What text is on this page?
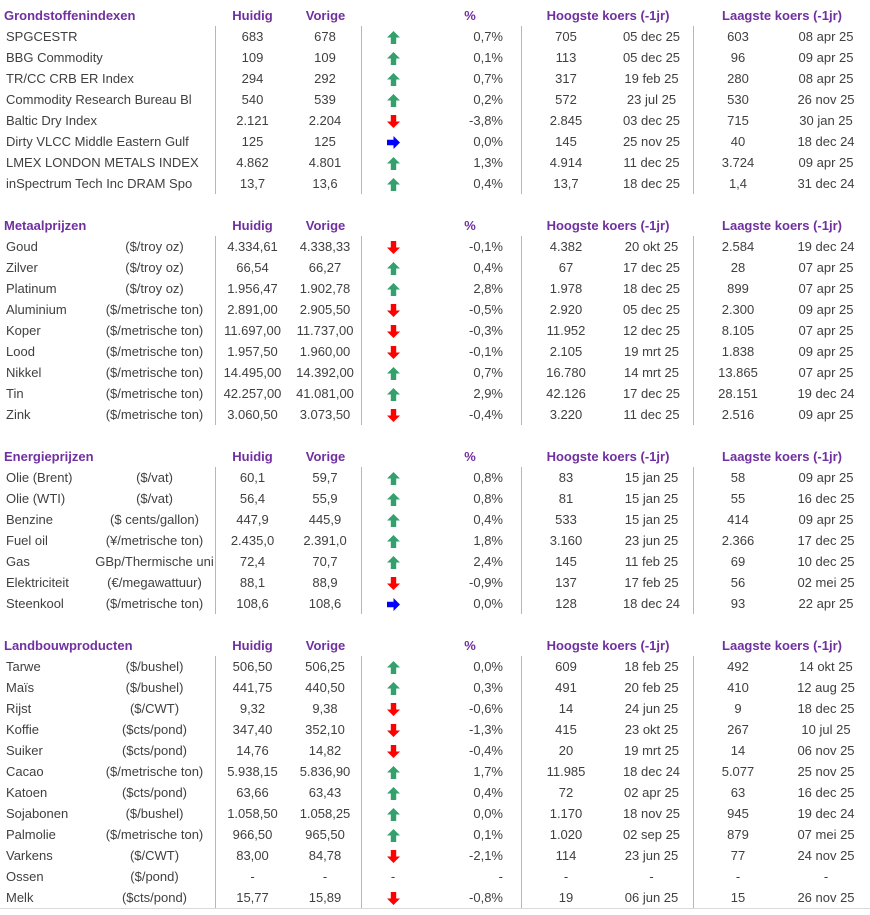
Grondstoffenindexen	Huidig	Vorige	%	Hoogste koers (-1jr)	Laagste koers (-1jr)
SPGCESTR	683	678	0,7%	705	05 dec 25	603	08 apr 25
BBG Commodity	109	109	0,1%	113	05 dec 25	96	09 apr 25
TR/CC CRB ER Index	294	292	0,7%	317	19 feb 25	280	08 apr 25
Commodity Research Bureau Bl	540	539	0,2%	572	23 jul 25	530	26 nov 25
Baltic Dry Index	2.121	2.204	-3,8%	2.845	03 dec 25	715	30 jan 25
Dirty VLCC Middle Eastern Gulf	125	125	0,0%	145	25 nov 25	40	18 dec 24
LMEX LONDON METALS INDEX	4.862	4.801	1,3%	4.914	11 dec 25	3.724	09 apr 25
inSpectrum Tech Inc DRAM Spo	13,7	13,6	0,4%	13,7	18 dec 25	1,4	31 dec 24
Metaalprijzen	Huidig	Vorige	%	Hoogste koers (-1jr)	Laagste koers (-1jr)
Goud	($/troy oz)	4.334,61	4.338,33	-0,1%	4.382	20 okt 25	2.584	19 dec 24
Zilver	($/troy oz)	66,54	66,27	0,4%	67	17 dec 25	28	07 apr 25
Platinum	($/troy oz)	1.956,47	1.902,78	2,8%	1.978	18 dec 25	899	07 apr 25
Aluminium	($/metrische ton)	2.891,00	2.905,50	-0,5%	2.920	05 dec 25	2.300	09 apr 25
Koper	($/metrische ton)	11.697,00	11.737,00	-0,3%	11.952	12 dec 25	8.105	07 apr 25
Lood	($/metrische ton)	1.957,50	1.960,00	-0,1%	2.105	19 mrt 25	1.838	09 apr 25
Nikkel	($/metrische ton)	14.495,00	14.392,00	0,7%	16.780	14 mrt 25	13.865	07 apr 25
Tin	($/metrische ton)	42.257,00	41.081,00	2,9%	42.126	17 dec 25	28.151	19 dec 24
Zink	($/metrische ton)	3.060,50	3.073,50	-0,4%	3.220	11 dec 25	2.516	09 apr 25
Energieprijzen	Huidig	Vorige	%	Hoogste koers (-1jr)	Laagste koers (-1jr)
Olie (Brent)	($/vat)	60,1	59,7	0,8%	83	15 jan 25	58	09 apr 25
Olie (WTI)	($/vat)	56,4	55,9	0,8%	81	15 jan 25	55	16 dec 25
Benzine	($ cents/gallon)	447,9	445,9	0,4%	533	15 jan 25	414	09 apr 25
Fuel oil	(¥/metrische ton)	2.435,0	2.391,0	1,8%	3.160	23 jun 25	2.366	17 dec 25
Gas	GBp/Thermische uni	72,4	70,7	2,4%	145	11 feb 25	69	10 dec 25
Elektriciteit	(€/megawattuur)	88,1	88,9	-0,9%	137	17 feb 25	56	02 mei 25
Steenkool	($/metrische ton)	108,6	108,6	0,0%	128	18 dec 24	93	22 apr 25
Landbouwproducten	Huidig	Vorige	%	Hoogste koers (-1jr)	Laagste koers (-1jr)
Tarwe	($/bushel)	506,50	506,25	0,0%	609	18 feb 25	492	14 okt 25
Maïs	($/bushel)	441,75	440,50	0,3%	491	20 feb 25	410	12 aug 25
Rijst	($/CWT)	9,32	9,38	-0,6%	14	24 jun 25	9	18 dec 25
Koffie	($cts/pond)	347,40	352,10	-1,3%	415	23 okt 25	267	10 jul 25
Suiker	($cts/pond)	14,76	14,82	-0,4%	20	19 mrt 25	14	06 nov 25
Cacao	($/metrische ton)	5.938,15	5.836,90	1,7%	11.985	18 dec 24	5.077	25 nov 25
Katoen	($cts/pond)	63,66	63,43	0,4%	72	02 apr 25	63	16 dec 25
Sojabonen	($/bushel)	1.058,50	1.058,25	0,0%	1.170	18 nov 25	945	19 dec 24
Palmolie	($/metrische ton)	966,50	965,50	0,1%	1.020	02 sep 25	879	07 mei 25
Varkens	($/CWT)	83,00	84,78	-2,1%	114	23 jun 25	77	24 nov 25
Ossen	($/pond)	-	-	-	-	-	-	-	-
Melk	($cts/pond)	15,77	15,89	-0,8%	19	06 jun 25	15	26 nov 25
